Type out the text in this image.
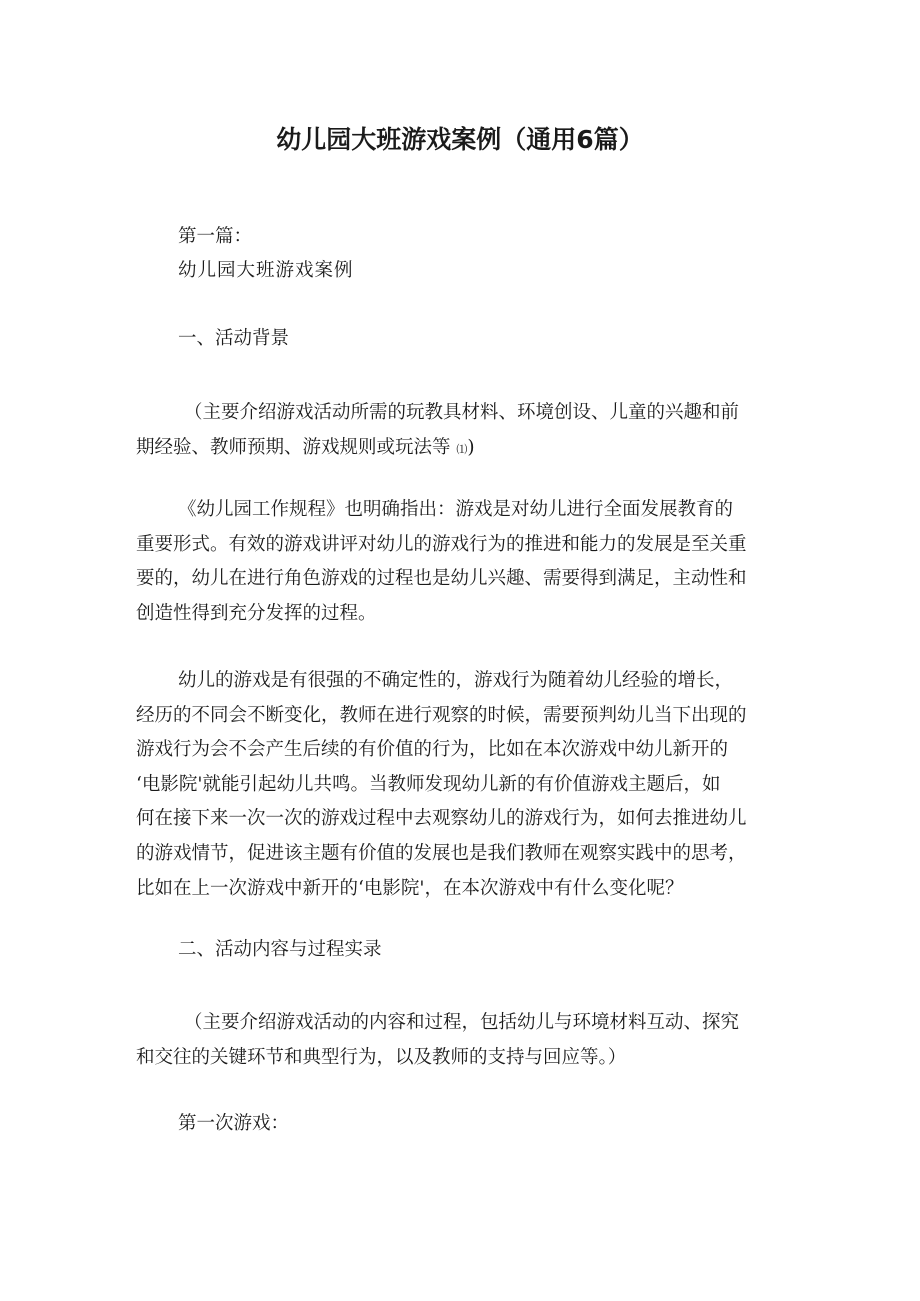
幼儿园大班游戏案例（通用6篇）

第一篇：

幼儿园大班游戏案例

一、活动背景

（主要介绍游戏活动所需的玩教具材料、环境创设、儿童的兴趣和前
期经验、教师预期、游戏规则或玩法等 ⑴)
《幼儿园工作规程》也明确指出：游戏是对幼儿进行全面发展教育的
重要形式。有效的游戏讲评对幼儿的游戏行为的推进和能力的发展是至关重
要的，幼儿在进行角色游戏的过程也是幼儿兴趣、需要得到满足，主动性和
创造性得到充分发挥的过程。
幼儿的游戏是有很强的不确定性的，游戏行为随着幼儿经验的增长，
经历的不同会不断变化，教师在进行观察的时候，需要预判幼儿当下出现的
游戏行为会不会产生后续的有价值的行为，比如在本次游戏中幼儿新开的
‘电影院'就能引起幼儿共鸣。当教师发现幼儿新的有价值游戏主题后，如
何在接下来一次一次的游戏过程中去观察幼儿的游戏行为，如何去推进幼儿
的游戏情节，促进该主题有价值的发展也是我们教师在观察实践中的思考，
比如在上一次游戏中新开的‘电影院'，在本次游戏中有什么变化呢？

二、活动内容与过程实录

（主要介绍游戏活动的内容和过程，包括幼儿与环境材料互动、探究
和交往的关键环节和典型行为，以及教师的支持与回应等。）

第一次游戏：
